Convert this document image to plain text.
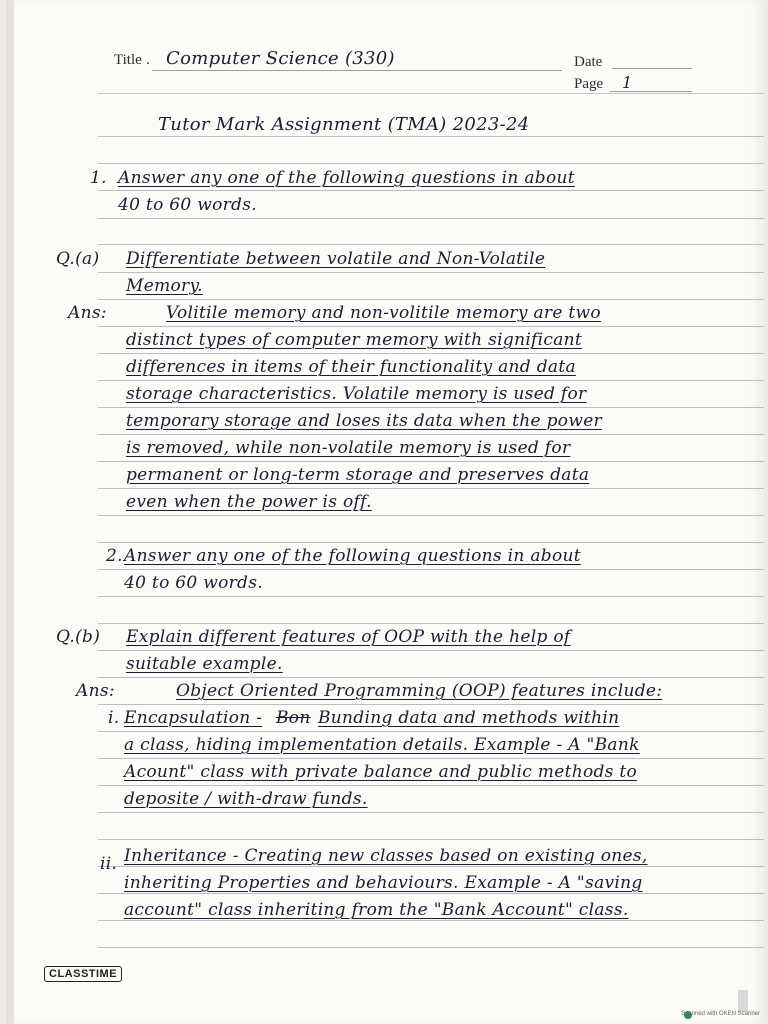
Title . Computer Science (330)	Date
Page 1
Tutor Mark Assignment (TMA) 2023-24
1. Answer any one of the following questions in about
40 to 60 words.
Q.(a) Differentiate between volatile and Non-Volatile
Memory.
Ans:	Volitile memory and non-volitile memory are two
distinct types of computer memory with significant
differences in items of their functionality and data
storage characteristics. Volatile memory is used for
temporary storage and loses its data when the power
is removed, while non-volatile memory is used for
permanent or long-term storage and preserves data
even when the power is off.
2. Answer any one of the following questions in about
40 to 60 words.
Q.(b) Explain different features of OOP with the help of
suitable example.
Ans:	Object Oriented Programming (OOP) features include:
i. Encapsulation - Bon Bunding data and methods within
a class, hiding implementation details. Example - A "Bank
Acount" class with private balance and public methods to
deposite / with-draw funds.
ii. Inheritance - Creating new classes based on existing ones,
inheriting Properties and behaviours. Example - A "saving
account" class inheriting from the "Bank Account" class.
CLASSTIME
Scanned with OKEN Scanner
